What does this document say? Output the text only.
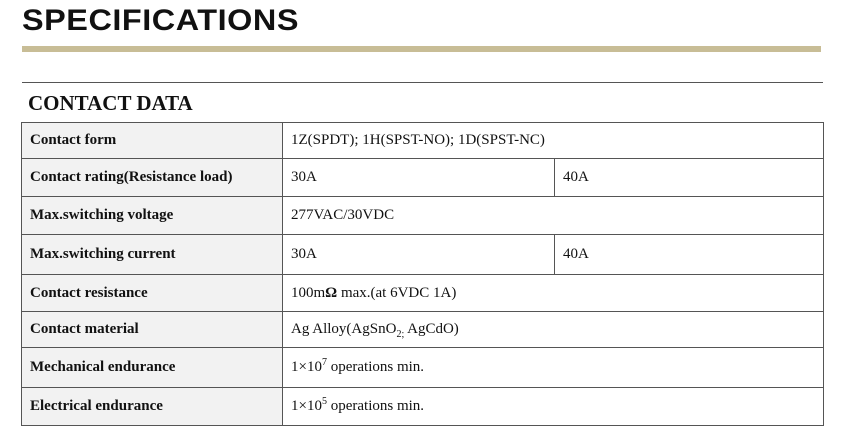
SPECIFICATIONS
CONTACT DATA
Contact form	1Z(SPDT); 1H(SPST-NO); 1D(SPST-NC)	
Contact rating(Resistance load)	30A	40A
Max.switching voltage	277VAC/30VDC	
Max.switching current	30A	40A
Contact resistance	100mΩ max.(at 6VDC 1A)	
Contact material	Ag Alloy(AgSnO$_{2;}$ AgCdO)	
Mechanical endurance	$1\times 10^7$ operations min.	
Electrical endurance	$1\times 10^5$ operations min.	
